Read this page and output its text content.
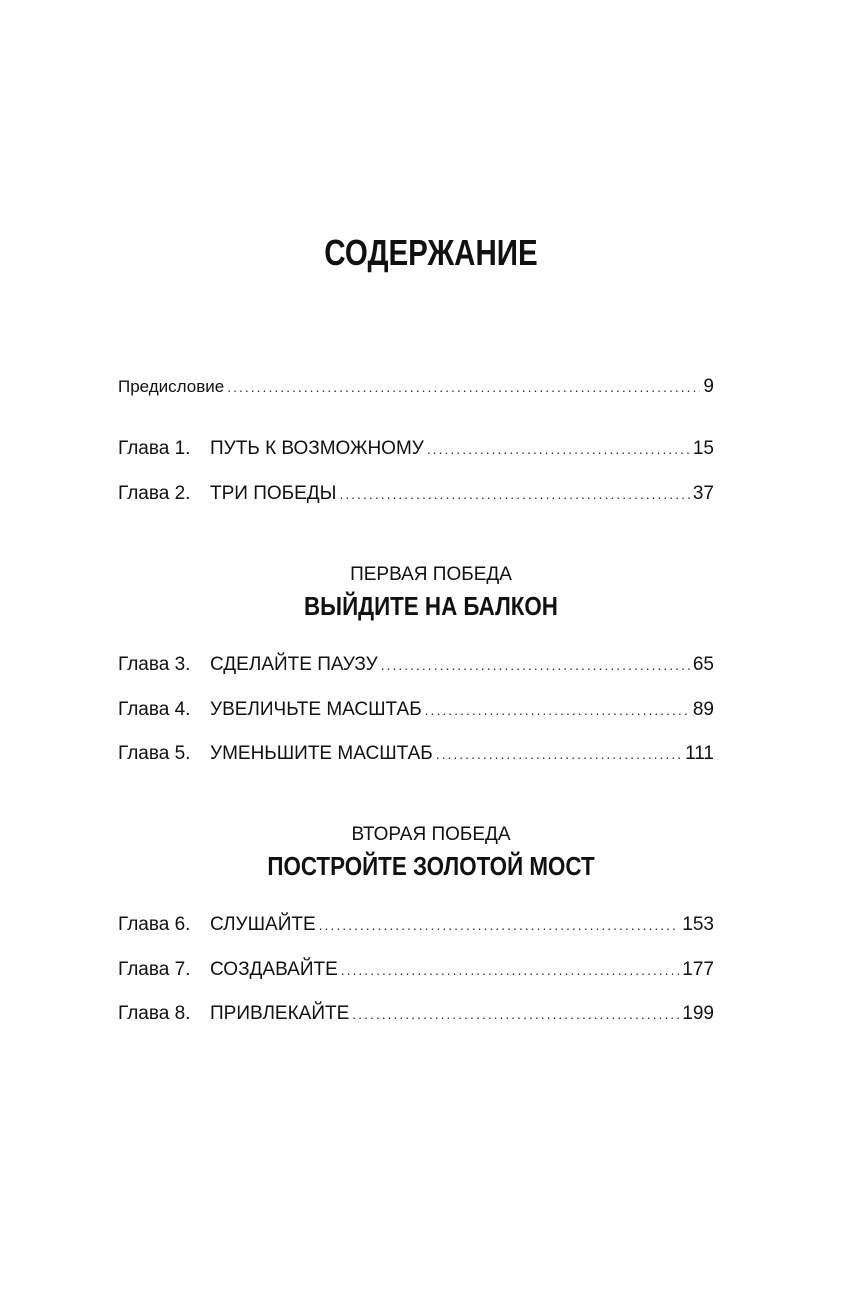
СОДЕРЖАНИЕ
Предисловие .....	9
Глава 1.	ПУТЬ К ВОЗМОЖНОМУ .....	15
Глава 2.	ТРИ ПОБЕДЫ .....	37

ПЕРВАЯ ПОБЕДА

ВЫЙДИТЕ НА БАЛКОН
Глава 3.	СДЕЛАЙТЕ ПАУЗУ .....	65
Глава 4.	УВЕЛИЧЬТЕ МАСШТАБ .....	89
Глава 5.	УМЕНЬШИТЕ МАСШТАБ .....	111

ВТОРАЯ ПОБЕДА

ПОСТРОЙТЕ ЗОЛОТОЙ МОСТ
Глава 6.	СЛУШАЙТЕ .....	153
Глава 7.	СОЗДАВАЙТЕ .....	177
Глава 8.	ПРИВЛЕКАЙТЕ .....	199
